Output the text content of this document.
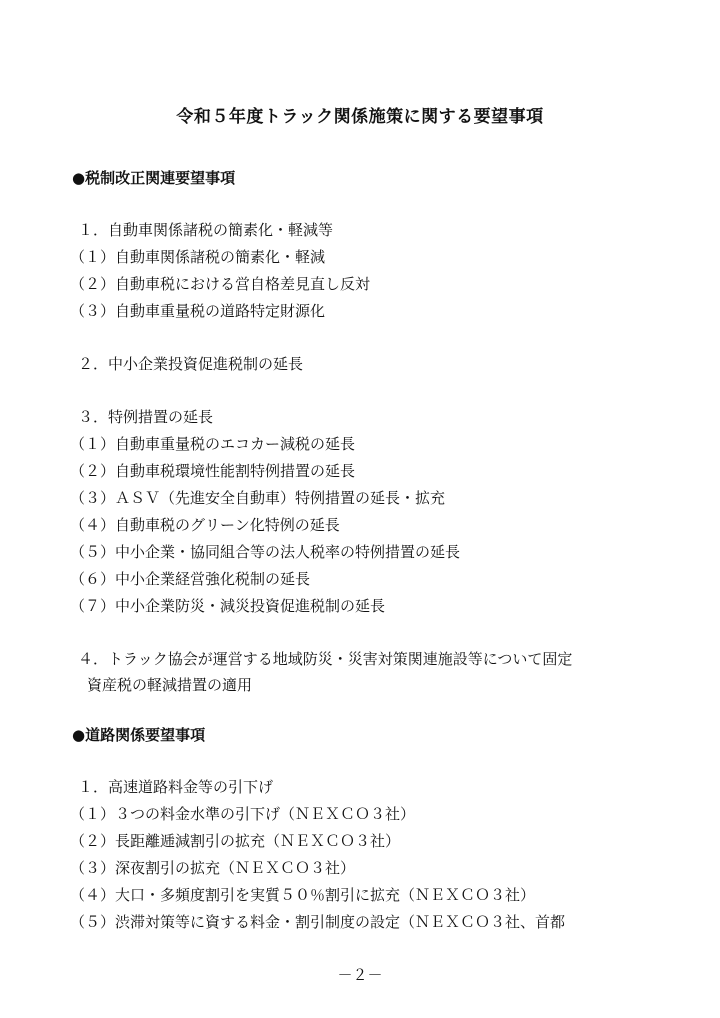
令和５年度トラック関係施策に関する要望事項
●税制改正関連要望事項
１．自動車関係諸税の簡素化・軽減等
（１）自動車関係諸税の簡素化・軽減
（２）自動車税における営自格差見直し反対
（３）自動車重量税の道路特定財源化
２．中小企業投資促進税制の延長
３．特例措置の延長
（１）自動車重量税のエコカー減税の延長
（２）自動車税環境性能割特例措置の延長
（３）ＡＳＶ（先進安全自動車）特例措置の延長・拡充
（４）自動車税のグリーン化特例の延長
（５）中小企業・協同組合等の法人税率の特例措置の延長
（６）中小企業経営強化税制の延長
（７）中小企業防災・減災投資促進税制の延長
４．トラック協会が運営する地域防災・災害対策関連施設等について固定
資産税の軽減措置の適用
●道路関係要望事項
１．高速道路料金等の引下げ
（１）３つの料金水準の引下げ（ＮＥＸＣＯ３社）
（２）長距離逓減割引の拡充（ＮＥＸＣＯ３社）
（３）深夜割引の拡充（ＮＥＸＣＯ３社）
（４）大口・多頻度割引を実質５０％割引に拡充（ＮＥＸＣＯ３社）
（５）渋滞対策等に資する料金・割引制度の設定（ＮＥＸＣＯ３社、首都
－２－
